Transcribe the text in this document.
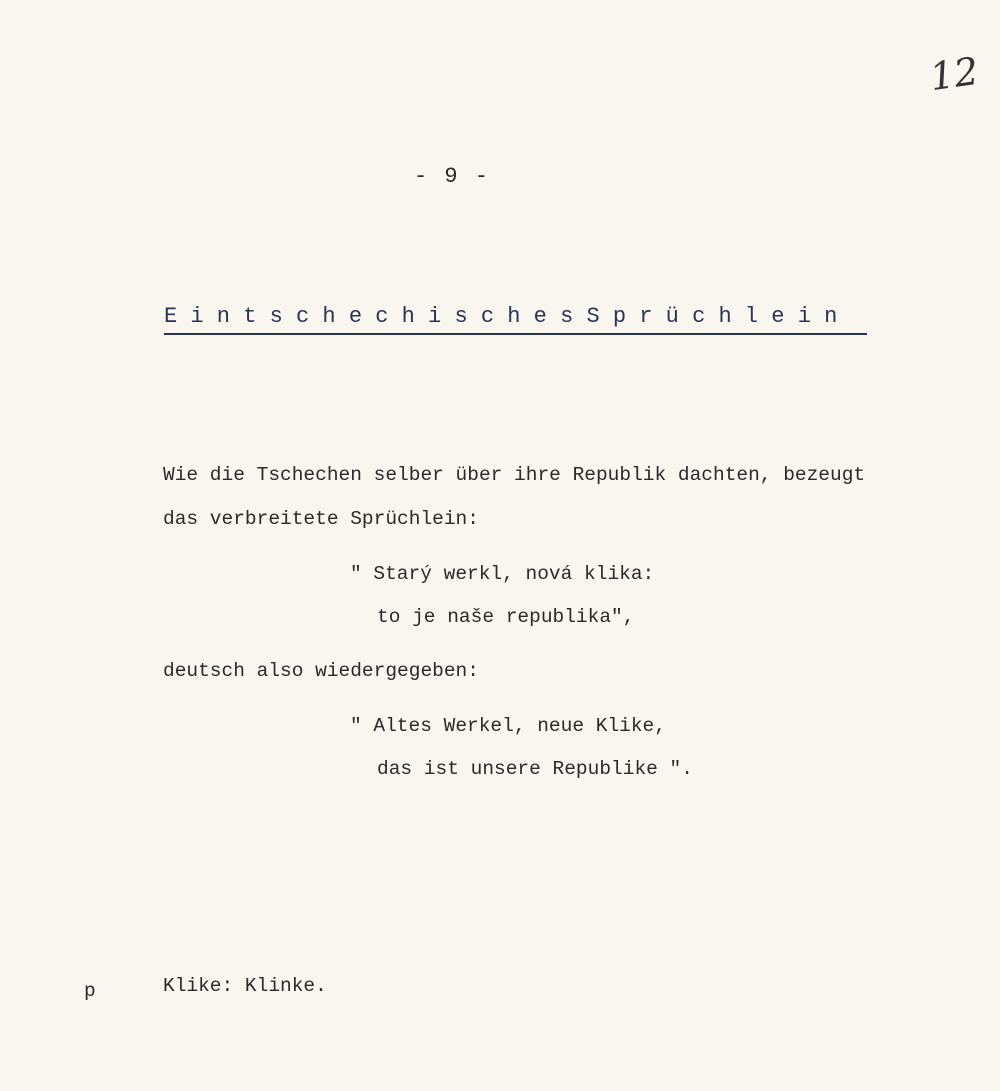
12
- 9 -
E i n t s c h e c h i s c h e s S p r ü c h l e i n
Wie die Tschechen selber über ihre Republik dachten, bezeugt
das verbreitete Sprüchlein:
" Starý werkl, nová klika:
to je naše republika",
deutsch also wiedergegeben:
" Altes Werkel, neue Klike,
das ist unsere Republike ".
p	Klike: Klinke.
